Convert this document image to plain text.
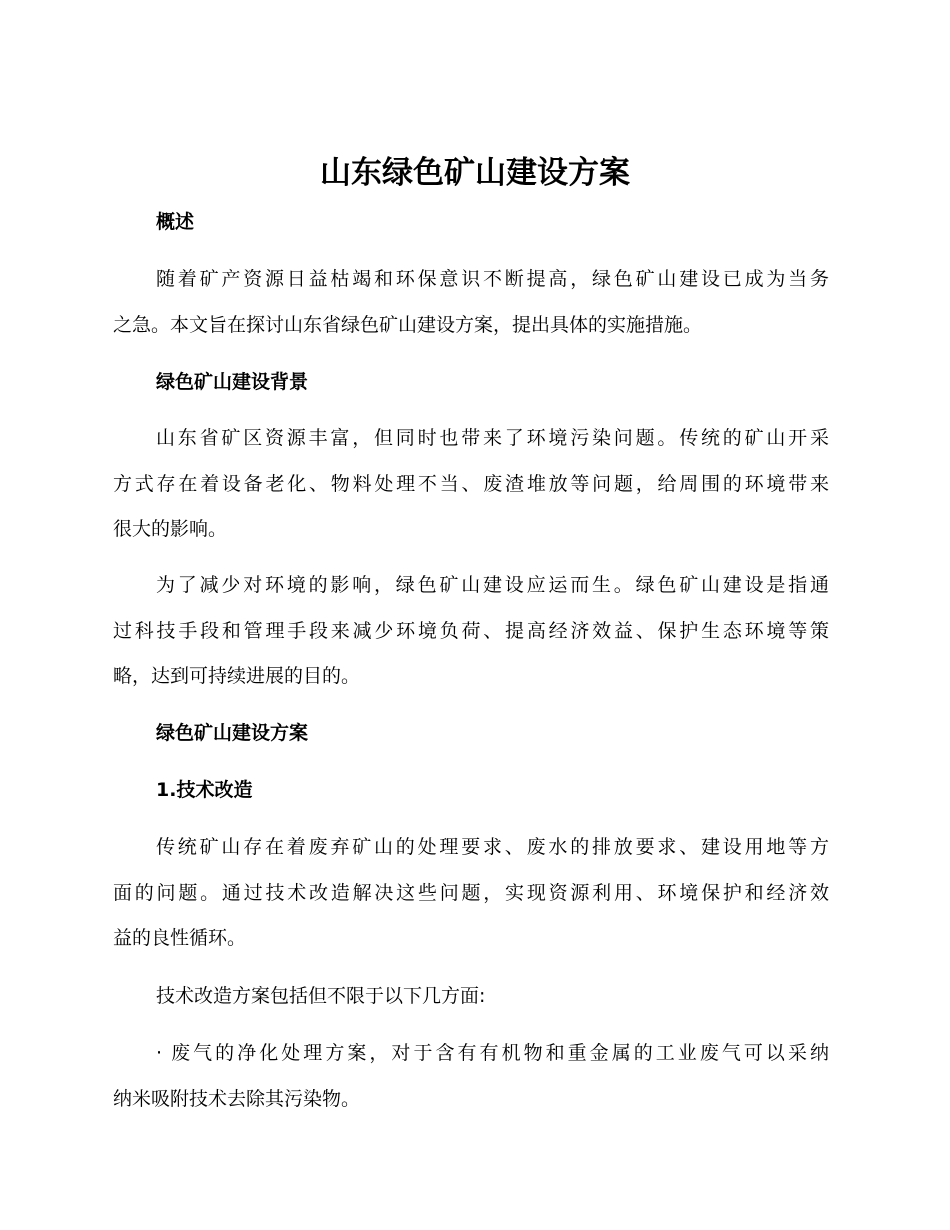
山东绿色矿山建设方案
概述
随着矿产资源日益枯竭和环保意识不断提高，绿色矿山建设已成为当务
之急。本文旨在探讨山东省绿色矿山建设方案，提出具体的实施措施。
绿色矿山建设背景
山东省矿区资源丰富，但同时也带来了环境污染问题。传统的矿山开采
方式存在着设备老化、物料处理不当、废渣堆放等问题，给周围的环境带来
很大的影响。
为了减少对环境的影响，绿色矿山建设应运而生。绿色矿山建设是指通
过科技手段和管理手段来减少环境负荷、提高经济效益、保护生态环境等策
略，达到可持续进展的目的。
绿色矿山建设方案
1.技术改造
传统矿山存在着废弃矿山的处理要求、废水的排放要求、建设用地等方
面的问题。通过技术改造解决这些问题，实现资源利用、环境保护和经济效
益的良性循环。

技术改造方案包括但不限于以下几方面:

· 废气的净化处理方案，对于含有有机物和重金属的工业废气可以采纳
纳米吸附技术去除其污染物。
